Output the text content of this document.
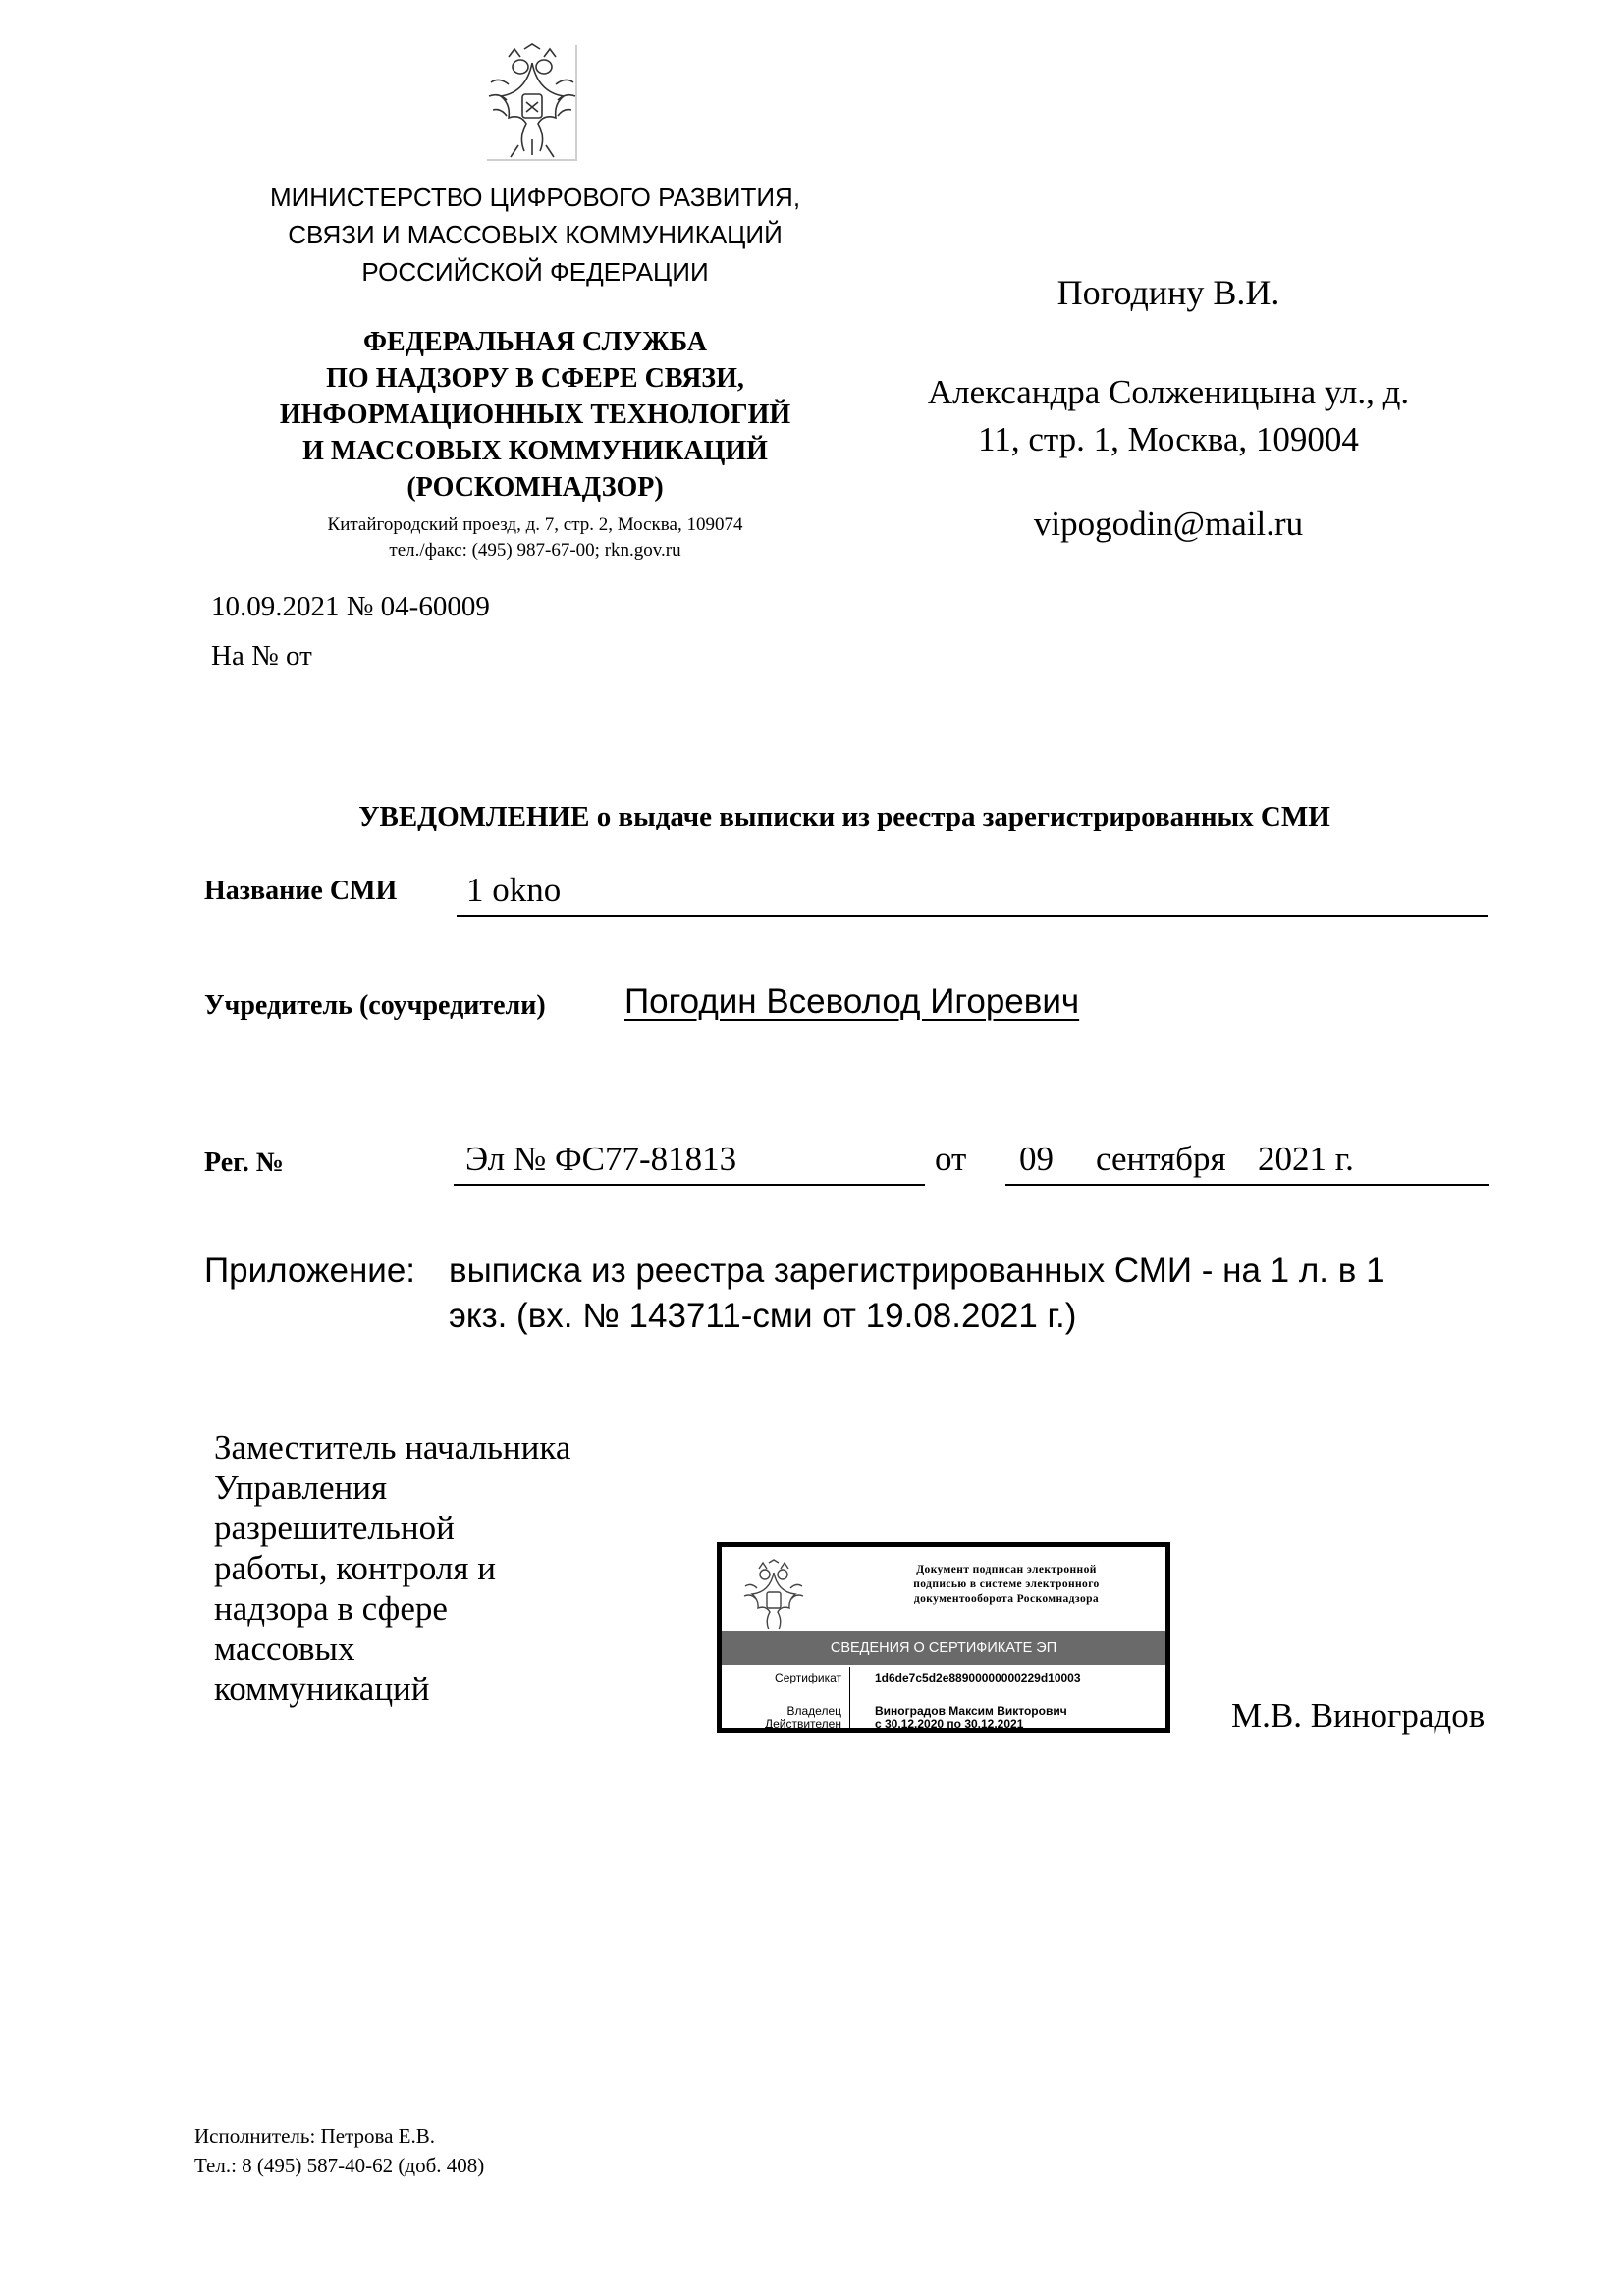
МИНИСТЕРСТВО ЦИФРОВОГО РАЗВИТИЯ,
СВЯЗИ И МАССОВЫХ КОММУНИКАЦИЙ
РОССИЙСКОЙ ФЕДЕРАЦИИ
ФЕДЕРАЛЬНАЯ СЛУЖБА
ПО НАДЗОРУ В СФЕРЕ СВЯЗИ,
ИНФОРМАЦИОННЫХ ТЕХНОЛОГИЙ
И МАССОВЫХ КОММУНИКАЦИЙ
(РОСКОМНАДЗОР)
Китайгородский проезд, д. 7, стр. 2, Москва, 109074
тел./факс: (495) 987-67-00; rkn.gov.ru
10.09.2021 № 04-60009
На № от
Погодину В.И.
Александра Солженицына ул., д.
11, стр. 1, Москва, 109004
vipogodin@mail.ru
УВЕДОМЛЕНИЕ о выдаче выписки из реестра зарегистрированных СМИ
Название СМИ 1 okno
Учредитель (соучредители) Погодин Всеволод Игоревич
Рег. №	Эл № ФС77-81813	от 09 сентября 2021 г.
Приложение: выписка из реестра зарегистрированных СМИ - на 1 л. в 1
экз. (вх. № 143711-сми от 19.08.2021 г.)
Заместитель начальника
Управления
разрешительной
работы, контроля и
надзора в сфере
массовых
коммуникаций
Документ подписан электронной
подписью в системе электронного
документооборота Роскомнадзора
СВЕДЕНИЯ О СЕРТИФИКАТЕ ЭП
Сертификат	1d6de7c5d2e88900000000229d10003
Владелец	Виноградов Максим Викторович
Действителен	с 30.12.2020 по 30.12.2021	М.В. Виноградов
Исполнитель: Петрова Е.В.
Тел.: 8 (495) 587-40-62 (доб. 408)
